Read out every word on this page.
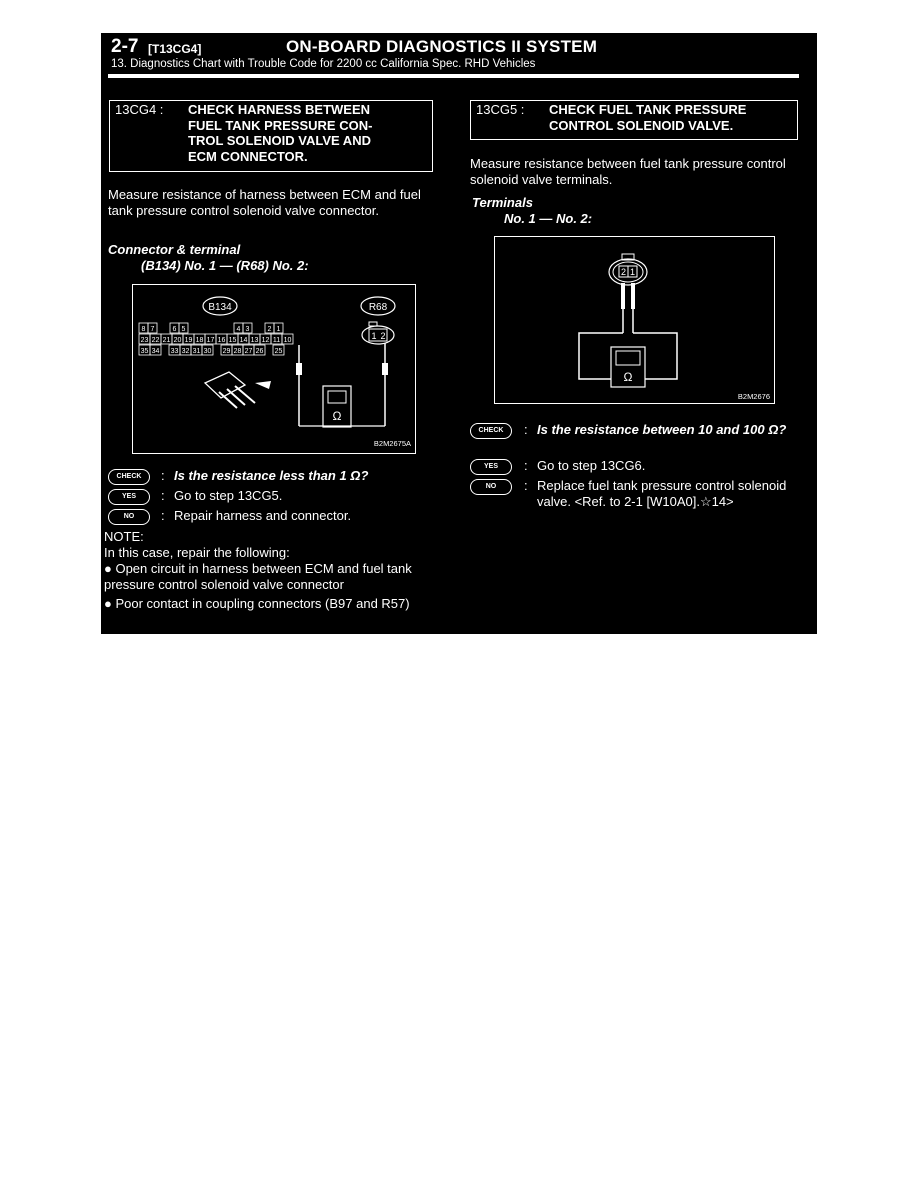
2-7 [T13CG4]	ON-BOARD DIAGNOSTICS II SYSTEM
13. Diagnostics Chart with Trouble Code for 2200 cc California Spec. RHD Vehicles
13CG4 : CHECK HARNESS BETWEEN
FUEL TANK PRESSURE CON-
TROL SOLENOID VALVE AND
ECM CONNECTOR.
Measure resistance of harness between ECM and fuel tank pressure control solenoid valve connector.
Connector & terminal
(B134) No. 1 — (R68) No. 2:
B134	R68
8 7	6 5	4 3	2 1
23 22 21 20 19 18 17 16 15 14 13 12 11 10
35 34 33 32 31 30 29 28 27 26 25
1 2
Ω
B2M2675A
CHECK	: Is the resistance less than 1 Ω?
YES	: Go to step 13CG5.
NO	: Repair harness and connector.
NOTE:
In this case, repair the following:
● Open circuit in harness between ECM and fuel tank pressure control solenoid valve connector
● Poor contact in coupling connectors (B97 and R57)
13CG5 : CHECK FUEL TANK PRESSURE
CONTROL SOLENOID VALVE.
Measure resistance between fuel tank pressure control solenoid valve terminals.
Terminals
No. 1 — No. 2:
2 1
Ω
B2M2676
CHECK	: Is the resistance between 10 and 100 Ω?
YES	: Go to step 13CG6.
NO	: Replace fuel tank pressure control solenoid valve. <Ref. to 2-1 [W10A0].☆14>
